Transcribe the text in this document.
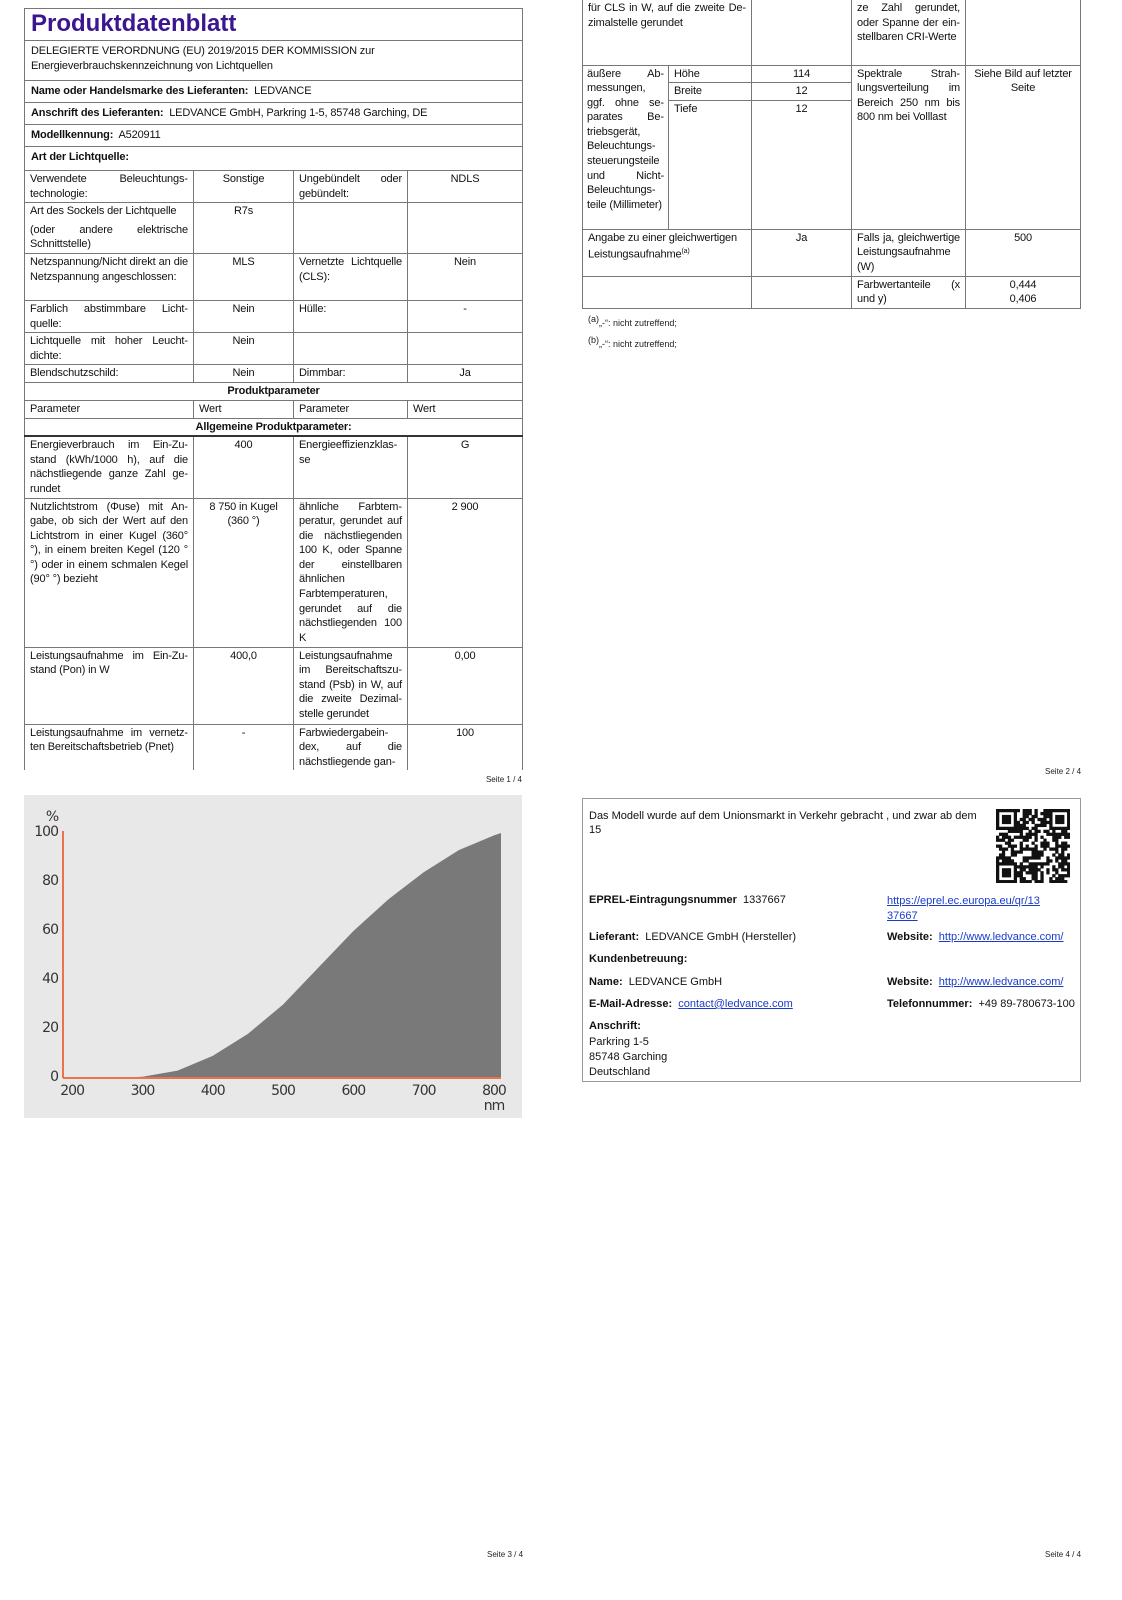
Produktdatenblatt			

DELEGIERTE VERORDNUNG (EU) 2019/2015 DER KOMMISSION zur Energieverbrauchskennzeichnung von Lichtquellen			
Name oder Handelsmarke des Lieferanten: LEDVANCE			
Anschrift des Lieferanten: LEDVANCE GmbH, Parkring 1-5, 85748 Garching, DE			
Modellkennung: A520911			
Art der Lichtquelle:			
Verwendete Beleuchtungstechnologie:	Sonstige	Ungebündelt oder gebündelt:	NDLS

Art des Sockels der Lichtquelle
(oder andere elektrische Schnittstelle)	R7s		
Netzspannung/Nicht direkt an die Netzspannung angeschlossen:	MLS	Vernetzte Lichtquelle (CLS):	Nein
Farblich abstimmbare Lichtquelle:	Nein	Hülle:	-
Lichtquelle mit hoher Leuchtdichte:	Nein		
Blendschutzschild:	Nein	Dimmbar:	Ja
Produktparameter			
Parameter	Wert	Parameter	Wert
Allgemeine Produktparameter:			
Energieverbrauch im Ein-Zustand (kWh/1000 h), auf die nächstliegende ganze Zahl gerundet	400	Energieeffizienzklasse	G
Nutzlichtstrom (Φuse) mit Angabe, ob sich der Wert auf den Lichtstrom in einer Kugel (360° °), in einem breiten Kegel (120 °°) oder in einem schmalen Kegel (90° °) bezieht	8 750 in Kugel (360 °)	ähnliche Farbtemperatur, gerundet auf die nächstliegenden 100 K, oder Spanne der einstellbaren ähnlichen Farbtemperaturen, gerundet auf die nächstliegenden 100 K	2 900
Leistungsaufnahme im Ein-Zustand (Pon) in W	400,0	Leistungsaufnahme im Bereitschaftszustand (Psb) in W, auf die zweite Dezimalstelle gerundet	0,00
Leistungsaufnahme im vernetzten Bereitschaftsbetrieb (Pnet)	-	Farbwiedergabeindex, auf die nächstliegende gan-	100
Seite 1 / 4
0
20
40
60
80
100
200	300	400	500	600	700	800
%
nm
Seite 3 / 4
für CLS in W, auf die zweite Dezimalstelle gerundet			ze Zahl gerundet, oder Spanne der einstellbaren CRI-Werte	
äußere Abmessungen, ggf. ohne separates Betriebsgerät, Beleuchtungssteuerungsteile und Nicht-Beleuchtungsteile (Millimeter)	Höhe	114	Spektrale Strahlungsverteilung im Bereich 250 nm bis 800 nm bei Volllast	Siehe Bild auf letzter Seite
	Breite	12		
	Tiefe	12		
Angabe zu einer gleichwertigen Leistungsaufnahme$^{(a)}$		Ja	Falls ja, gleichwertige Leistungsaufnahme (W)	500
			Farbwertanteile (x und y)	0,444
0,406
$^{(a)}$„-“: nicht zutreffend;
$^{(b)}$„-“: nicht zutreffend;
Seite 2 / 4
Das Modell wurde auf dem Unionsmarkt in Verkehr gebracht , und zwar ab dem 15
EPREL-Eintragungsnummer 1337667	https://eprel.ec.europa.eu/qr/13
37667
Lieferant: LEDVANCE GmbH (Hersteller)	Website: http://www.ledvance.com/
Kundenbetreuung:
Name: LEDVANCE GmbH	Website: http://www.ledvance.com/
E-Mail-Adresse: contact@ledvance.com	Telefonnummer: +49 89-780673-100
Anschrift:
Parkring 1-5
85748 Garching
Deutschland
Seite 4 / 4
